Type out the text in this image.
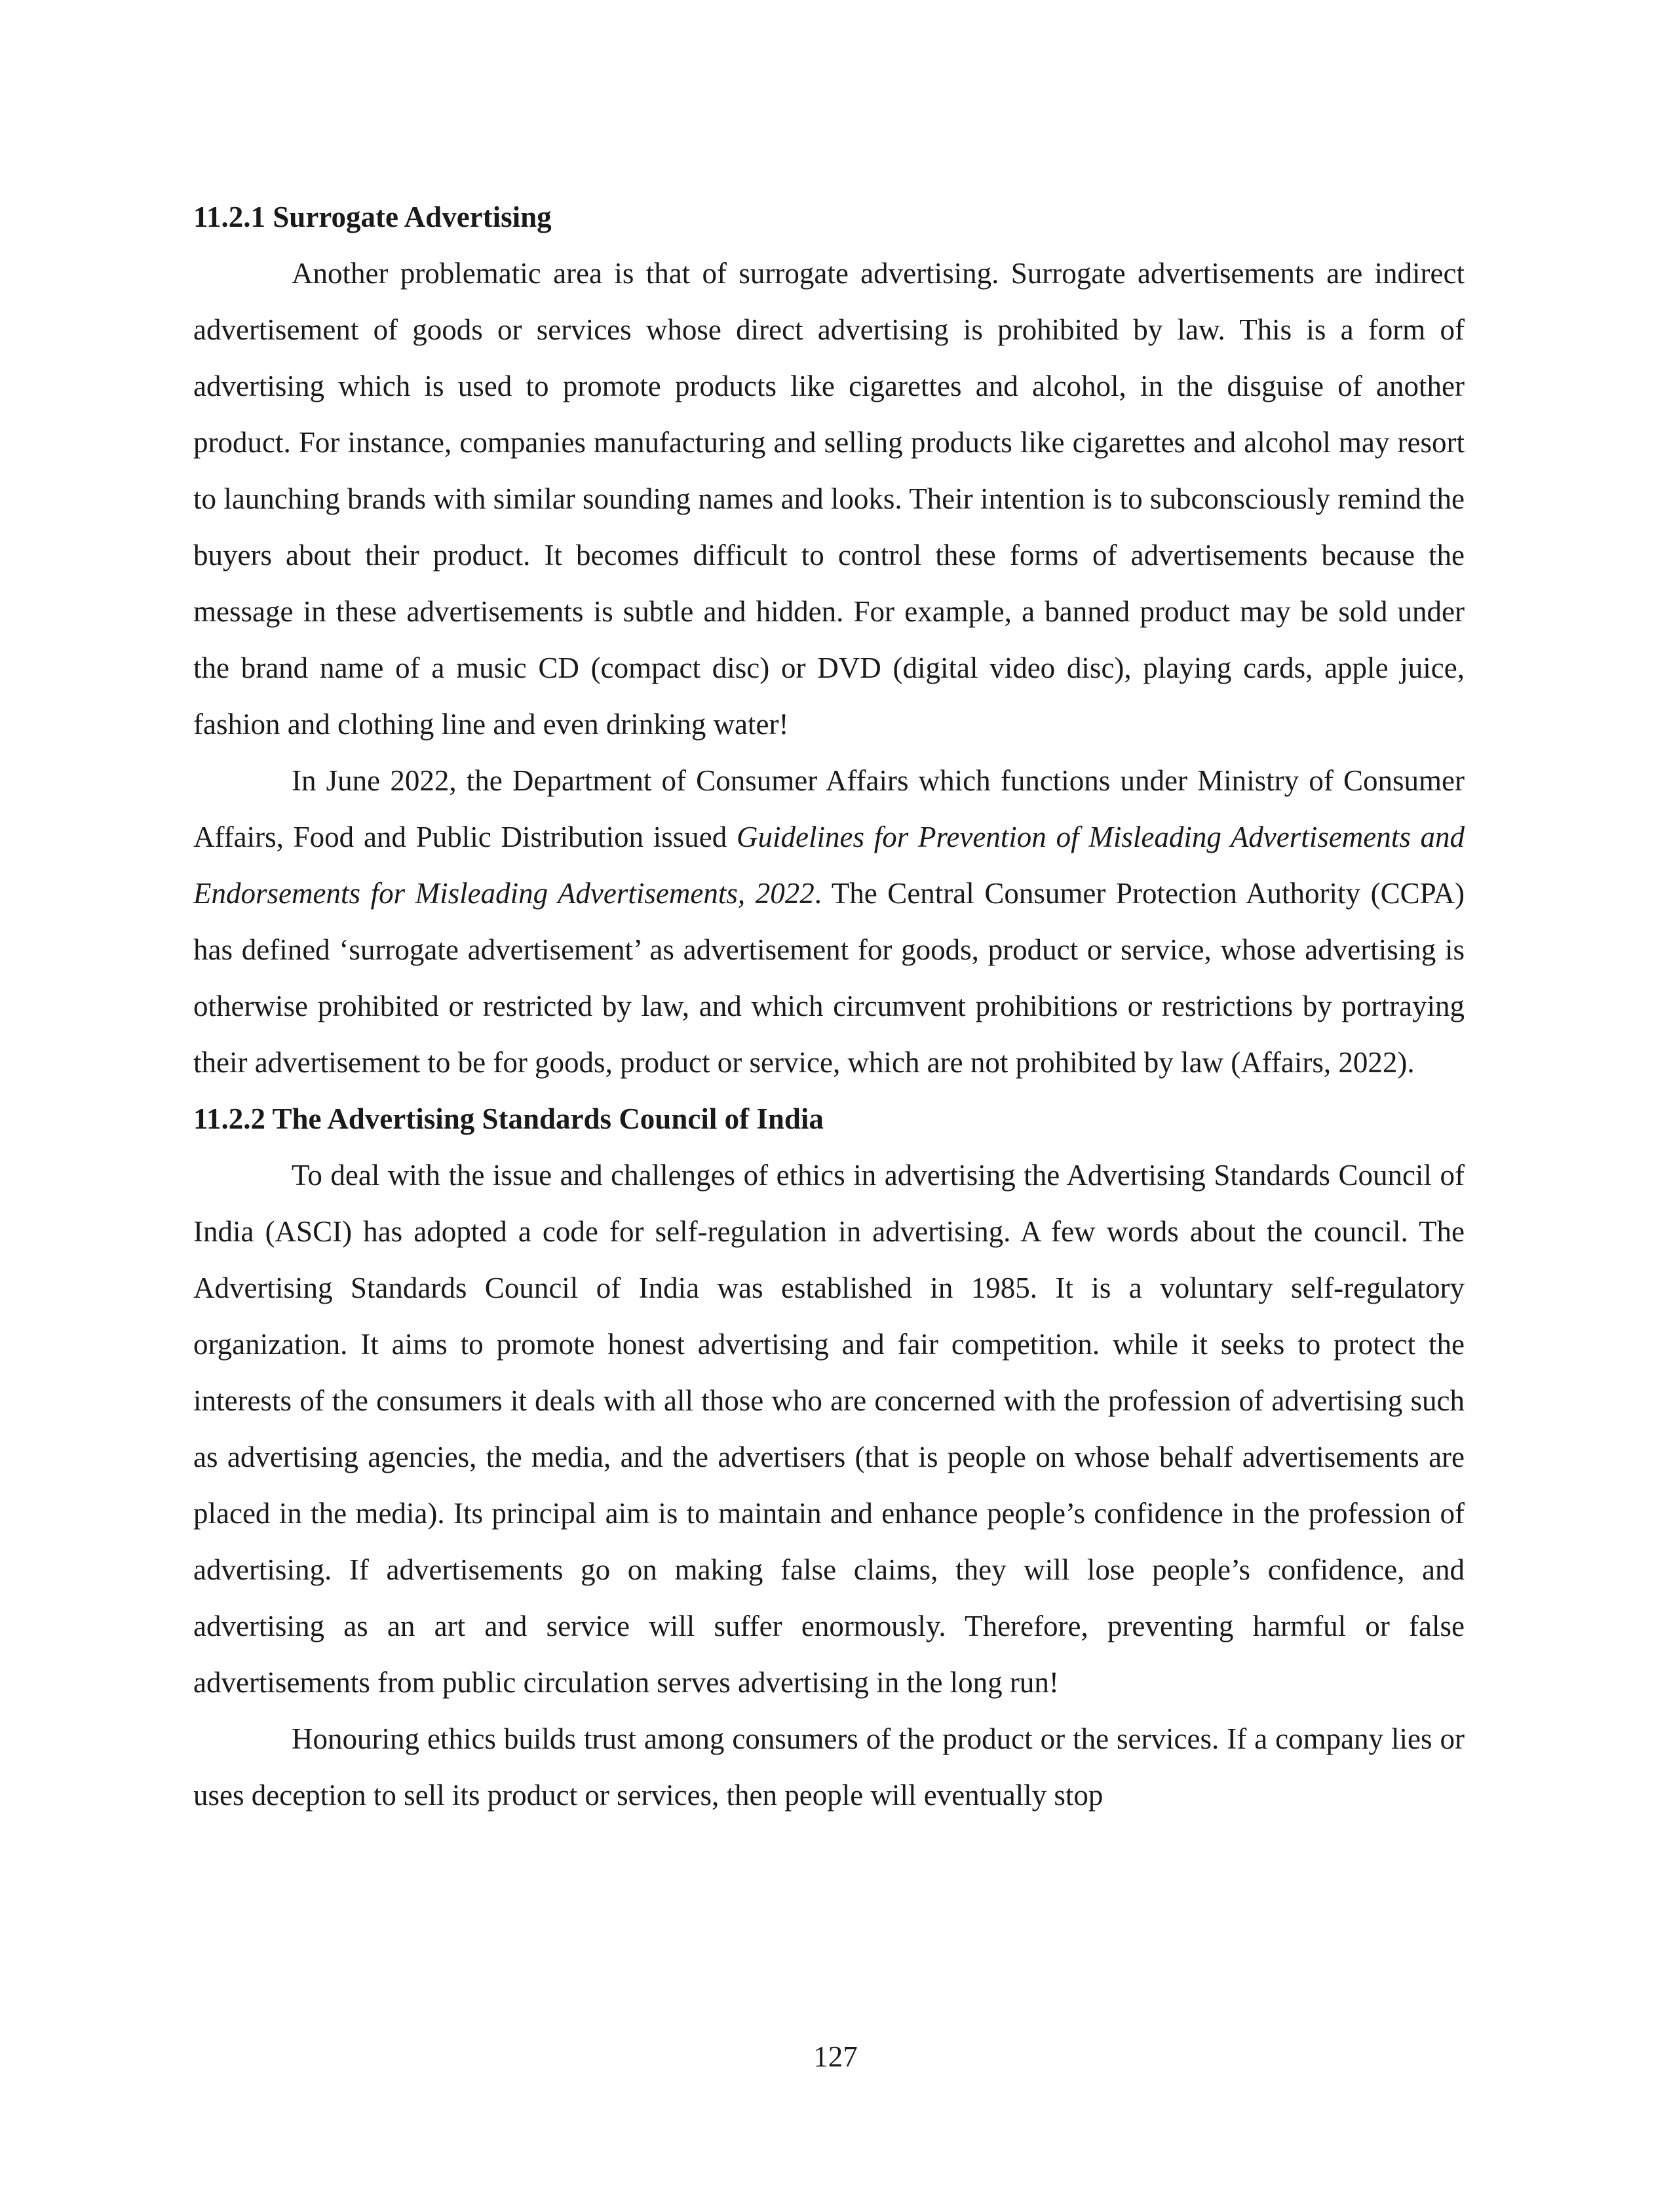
11.2.1 Surrogate Advertising

Another problematic area is that of surrogate advertising. Surrogate advertisements are indirect advertisement of goods or services whose direct advertising is prohibited by law. This is a form of advertising which is used to promote products like cigarettes and alcohol, in the disguise of another product. For instance, companies manufacturing and selling products like cigarettes and alcohol may resort to launching brands with similar sounding names and looks. Their intention is to subconsciously remind the buyers about their product. It becomes difficult to control these forms of advertisements because the message in these advertisements is subtle and hidden. For example, a banned product may be sold under the brand name of a music CD (compact disc) or DVD (digital video disc), playing cards, apple juice, fashion and clothing line and even drinking water!

In June 2022, the Department of Consumer Affairs which functions under Ministry of Consumer Affairs, Food and Public Distribution issued Guidelines for Prevention of Misleading Advertisements and Endorsements for Misleading Advertisements, 2022. The Central Consumer Protection Authority (CCPA) has defined ‘surrogate advertisement’ as advertisement for goods, product or service, whose advertising is otherwise prohibited or restricted by law, and which circumvent prohibitions or restrictions by portraying their advertisement to be for goods, product or service, which are not prohibited by law (Affairs, 2022).

11.2.2 The Advertising Standards Council of India

To deal with the issue and challenges of ethics in advertising the Advertising Standards Council of India (ASCI) has adopted a code for self-regulation in advertising. A few words about the council. The Advertising Standards Council of India was established in 1985. It is a voluntary self-regulatory organization. It aims to promote honest advertising and fair competition. while it seeks to protect the interests of the consumers it deals with all those who are concerned with the profession of advertising such as advertising agencies, the media, and the advertisers (that is people on whose behalf advertisements are placed in the media). Its principal aim is to maintain and enhance people’s confidence in the profession of advertising. If advertisements go on making false claims, they will lose people’s confidence, and advertising as an art and service will suffer enormously. Therefore, preventing harmful or false advertisements from public circulation serves advertising in the long run!

Honouring ethics builds trust among consumers of the product or the services. If a company lies or uses deception to sell its product or services, then people will eventually stop

127
